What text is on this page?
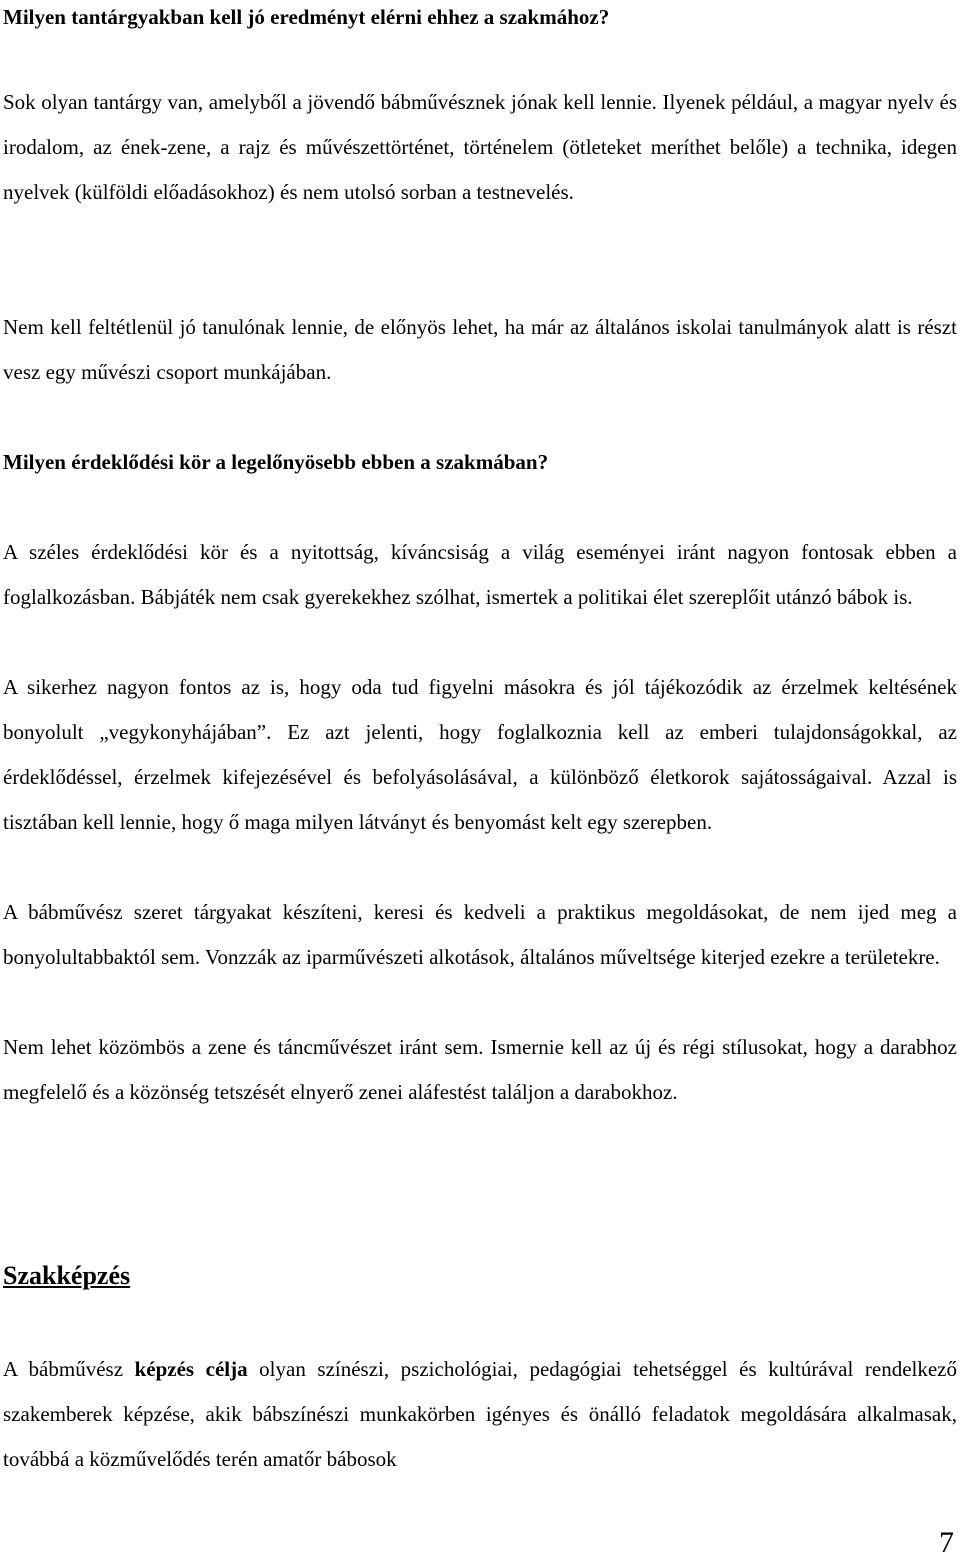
Milyen tantárgyakban kell jó eredményt elérni ehhez a szakmához?

Sok olyan tantárgy van, amelyből a jövendő bábművésznek jónak kell lennie. Ilyenek például, a magyar nyelv és irodalom, az ének-zene, a rajz és művészettörténet, történelem (ötleteket meríthet belőle) a technika, idegen nyelvek (külföldi előadásokhoz) és nem utolsó sorban a testnevelés.

Nem kell feltétlenül jó tanulónak lennie, de előnyös lehet, ha már az általános iskolai tanulmányok alatt is részt vesz egy művészi csoport munkájában.

Milyen érdeklődési kör a legelőnyösebb ebben a szakmában?

A széles érdeklődési kör és a nyitottság, kíváncsiság a világ eseményei iránt nagyon fontosak ebben a foglalkozásban. Bábjáték nem csak gyerekekhez szólhat, ismertek a politikai élet szereplőit utánzó bábok is.

A sikerhez nagyon fontos az is, hogy oda tud figyelni másokra és jól tájékozódik az érzelmek keltésének bonyolult „vegykonyhájában”. Ez azt jelenti, hogy foglalkoznia kell az emberi tulajdonságokkal, az érdeklődéssel, érzelmek kifejezésével és befolyásolásával, a különböző életkorok sajátosságaival. Azzal is tisztában kell lennie, hogy ő maga milyen látványt és benyomást kelt egy szerepben.

A bábművész szeret tárgyakat készíteni, keresi és kedveli a praktikus megoldásokat, de nem ijed meg a bonyolultabbaktól sem. Vonzzák az iparművészeti alkotások, általános műveltsége kiterjed ezekre a területekre.

Nem lehet közömbös a zene és táncművészet iránt sem. Ismernie kell az új és régi stílusokat, hogy a darabhoz megfelelő és a közönség tetszését elnyerő zenei aláfestést találjon a darabokhoz.

Szakképzés

A bábművész képzés célja olyan színészi, pszichológiai, pedagógiai tehetséggel és kultúrával rendelkező szakemberek képzése, akik bábszínészi munkakörben igényes és önálló feladatok megoldására alkalmasak, továbbá a közművelődés terén amatőr bábosok

7
